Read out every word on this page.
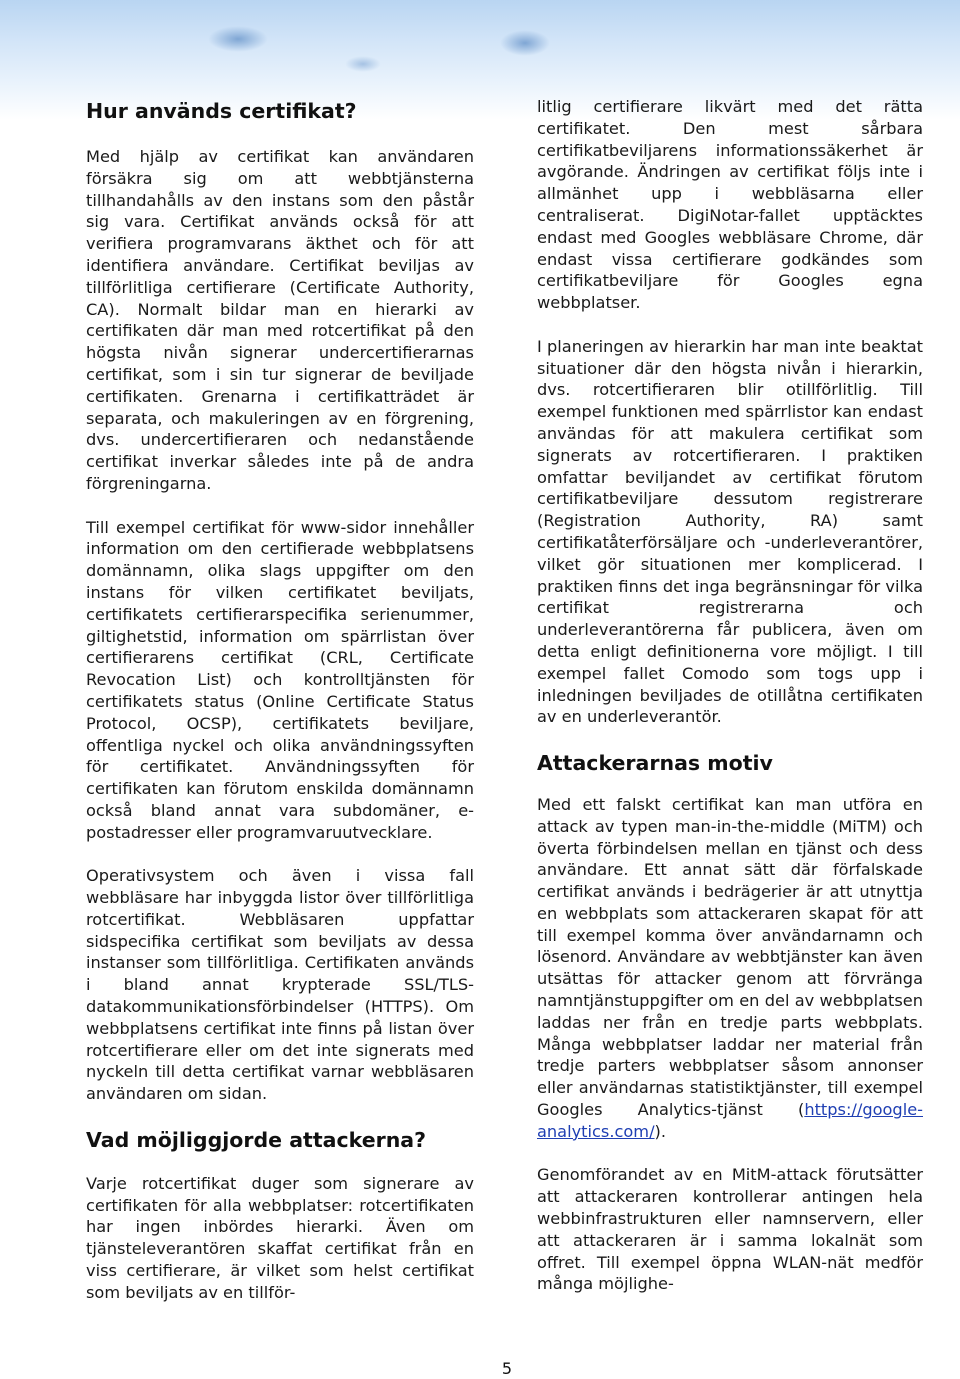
Hur används certifikat?

Med hjälp av certifikat kan användaren försäkra sig om att webbtjänsterna tillhandahålls av den instans som den påstår sig vara. Certifikat används också för att verifiera programvarans äkthet och för att identifiera användare. Certifikat beviljas av tillförlitliga certifierare (Certificate Authority, CA). Normalt bildar man en hierarki av certifikaten där man med rotcertifikat på den högsta nivån signerar undercertifierarnas certifikat, som i sin tur signerar de beviljade certifikaten. Grenarna i certifikatträdet är separata, och makuleringen av en förgrening, dvs. undercertifieraren och nedanstående certifikat inverkar således inte på de andra förgreningarna.

Till exempel certifikat för www-sidor innehåller information om den certifierade webbplatsens domännamn, olika slags uppgifter om den instans för vilken certifikatet beviljats, certifikatets certifierarspecifika serienummer, giltighetstid, information om spärrlistan över certifierarens certifikat (CRL, Certificate Revocation List) och kontrolltjänsten för certifikatets status (Online Certificate Status Protocol, OCSP), certifikatets beviljare, offentliga nyckel och olika användningssyften för certifikatet. Användningssyften för certifikaten kan förutom enskilda domännamn också bland annat vara subdomäner, e-postadresser eller programvaruutvecklare.

Operativsystem och även i vissa fall webbläsare har inbyggda listor över tillförlitliga rotcertifikat. Webbläsaren uppfattar sidspecifika certifikat som beviljats av dessa instanser som tillförlitliga. Certifikaten används i bland annat krypterade SSL/TLS-datakommunikationsförbindelser (HTTPS). Om webbplatsens certifikat inte finns på listan över rotcertifierare eller om det inte signerats med nyckeln till detta certifikat varnar webbläsaren användaren om sidan.

Vad möjliggjorde attackerna?

Varje rotcertifikat duger som signerare av certifikaten för alla webbplatser: rotcertifikaten har ingen inbördes hierarki. Även om tjänsteleverantören skaffat certifikat från en viss certifierare, är vilket som helst certifikat som beviljats av en tillför-

litlig certifierare likvärt med det rätta certifikatet. Den mest sårbara certifikatbeviljarens informationssäkerhet är avgörande. Ändringen av certifikat följs inte i allmänhet upp i webbläsarna eller centraliserat. DigiNotar-fallet upptäcktes endast med Googles webbläsare Chrome, där endast vissa certifierare godkändes som certifikatbeviljare för Googles egna webbplatser.

I planeringen av hierarkin har man inte beaktat situationer där den högsta nivån i hierarkin, dvs. rotcertifieraren blir otillförlitlig. Till exempel funktionen med spärrlistor kan endast användas för att makulera certifikat som signerats av rotcertifieraren. I praktiken omfattar beviljandet av certifikat förutom certifikatbeviljare dessutom registrerare (Registration Authority, RA) samt certifikatåterförsäljare och -underleverantörer, vilket gör situationen mer komplicerad. I praktiken finns det inga begränsningar för vilka certifikat registrerarna och underleverantörerna får publicera, även om detta enligt definitionerna vore möjligt. I till exempel fallet Comodo som togs upp i inledningen beviljades de otillåtna certifikaten av en underleverantör.

Attackerarnas motiv

Med ett falskt certifikat kan man utföra en attack av typen man-in-the-middle (MiTM) och överta förbindelsen mellan en tjänst och dess användare. Ett annat sätt där förfalskade certifikat används i bedrägerier är att utnyttja en webbplats som attackeraren skapat för att till exempel komma över användarnamn och lösenord. Användare av webbtjänster kan även utsättas för attacker genom att förvränga namntjänstuppgifter om en del av webbplatsen laddas ner från en tredje parts webbplats. Många webbplatser laddar ner material från tredje parters webbplatser såsom annonser eller användarnas statistiktjänster, till exempel Googles Analytics-tjänst (https://google-analytics.com/).

Genomförandet av en MitM-attack förutsätter att attackeraren kontrollerar antingen hela webbinfrastrukturen eller namnservern, eller att attackeraren är i samma lokalnät som offret. Till exempel öppna WLAN-nät medför många möjlighe-

5
